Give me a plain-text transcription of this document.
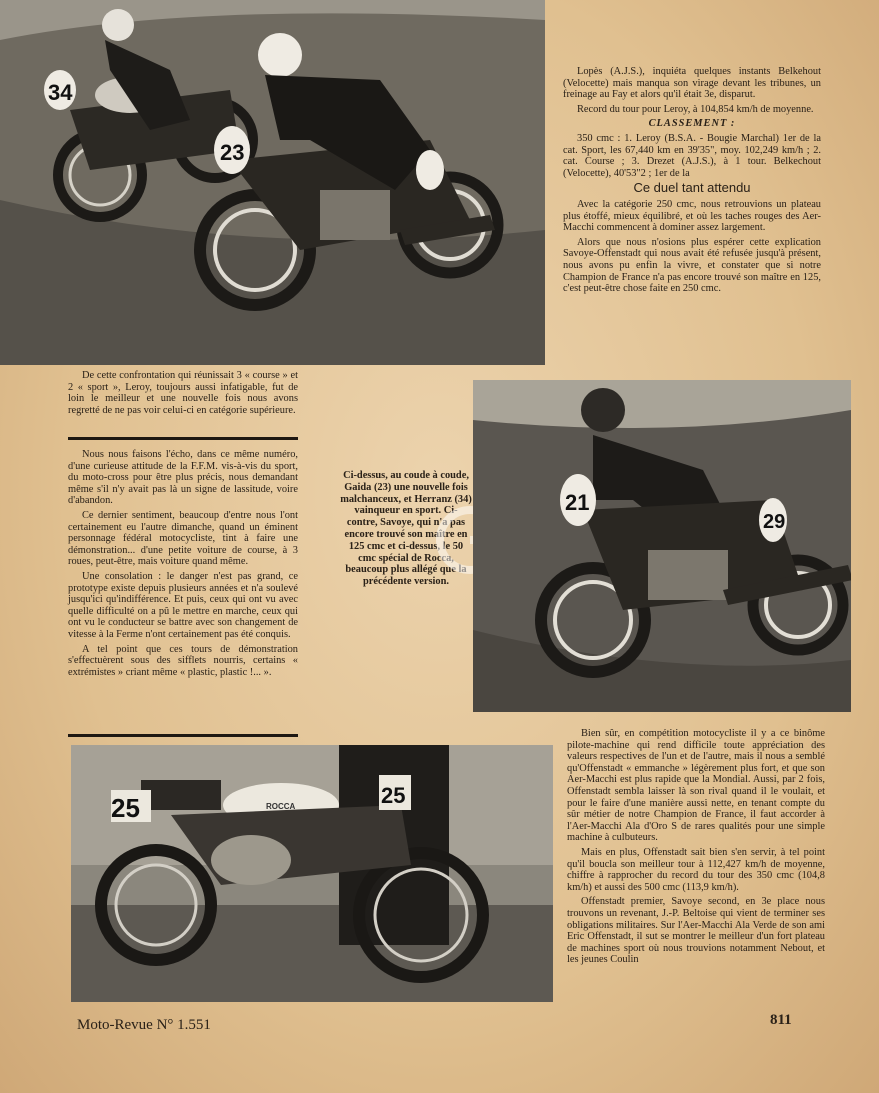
34
23

Lopès (A.J.S.), inquiéta quelques instants Belkehout (Velocette) mais manqua son virage devant les tribunes, un freinage au Fay et alors qu'il était 3e, disparut.

Record du tour pour Leroy, à 104,854 km/h de moyenne.

CLASSEMENT :

350 cmc : 1. Leroy (B.S.A. - Bougie Marchal) 1er de la cat. Sport, les 67,440 km en 39'35", moy. 102,249 km/h ; 2. cat. Course ; 3. Drezet (A.J.S.), à 1 tour. Belkechout (Velocette), 40'53"2 ; 1er de la

Ce duel tant attendu

Avec la catégorie 250 cmc, nous retrouvions un plateau plus étoffé, mieux équilibré, et où les taches rouges des Aer-Macchi commencent à dominer assez largement.

Alors que nous n'osions plus espérer cette explication Savoye-Offenstadt qui nous avait été refusée jusqu'à présent, nous avons pu enfin la vivre, et constater que si notre Champion de France n'a pas encore trouvé son maître en 125, c'est peut-être chose faite en 250 cmc.

De cette confrontation qui réunissait 3 « course » et 2 « sport », Leroy, toujours aussi infatigable, fut de loin le meilleur et une nouvelle fois nous avons regretté de ne pas voir celui-ci en catégorie supérieure.

Nous nous faisons l'écho, dans ce même numéro, d'une curieuse attitude de la F.F.M. vis-à-vis du sport, du moto-cross pour être plus précis, nous demandant même s'il n'y avait pas là un signe de lassitude, voire d'abandon.

Ce dernier sentiment, beaucoup d'entre nous l'ont certainement eu l'autre dimanche, quand un éminent personnage fédéral motocycliste, tint à faire une démonstration... d'une petite voiture de course, à 3 roues, peut-être, mais voiture quand même.

Une consolation : le danger n'est pas grand, ce prototype existe depuis plusieurs années et n'a soulevé jusqu'ici qu'indifférence. Et puis, ceux qui ont vu avec quelle difficulté on a pû le mettre en marche, ceux qui ont vu le conducteur se battre avec son changement de vitesse à la Ferme n'ont certainement pas été conquis.

A tel point que ces tours de démonstration s'effectuèrent sous des sifflets nourris, certains « extrémistes » criant même « plastic, plastic !... ».

Ci-dessus, au coude à coude, Gaida (23) une nouvelle fois malchanceux, et Herranz (34) vainqueur en sport. Ci-contre, Savoye, qui n'a pas encore trouvé son maître en 125 cmc et ci-dessus, le 50 cmc spécial de Rocca, beaucoup plus allégé que la précédente version.
21
29
25	25
ROCCA

Bien sûr, en compétition motocycliste il y a ce binôme pilote-machine qui rend difficile toute appréciation des valeurs respectives de l'un et de l'autre, mais il nous a semblé qu'Offenstadt « emmanche » légèrement plus fort, et que son Aer-Macchi est plus rapide que la Mondial. Aussi, par 2 fois, Offenstadt sembla laisser là son rival quand il le voulait, et pour le faire d'une manière aussi nette, en tenant compte du sûr métier de notre Champion de France, il faut accorder à l'Aer-Macchi Ala d'Oro S de rares qualités pour une simple machine à culbuteurs.

Mais en plus, Offenstadt sait bien s'en servir, à tel point qu'il boucla son meilleur tour à 112,427 km/h de moyenne, chiffre à rapprocher du record du tour des 350 cmc (104,8 km/h) et aussi des 500 cmc (113,9 km/h).

Offenstadt premier, Savoye second, en 3e place nous trouvons un revenant, J.-P. Beltoise qui vient de terminer ses obligations militaires. Sur l'Aer-Macchi Ala Verde de son ami Eric Offenstadt, il sut se montrer le meilleur d'un fort plateau de machines sport où nous trouvions notamment Nebout, et les jeunes Coulin

Moto-Revue N° 1.551	811
